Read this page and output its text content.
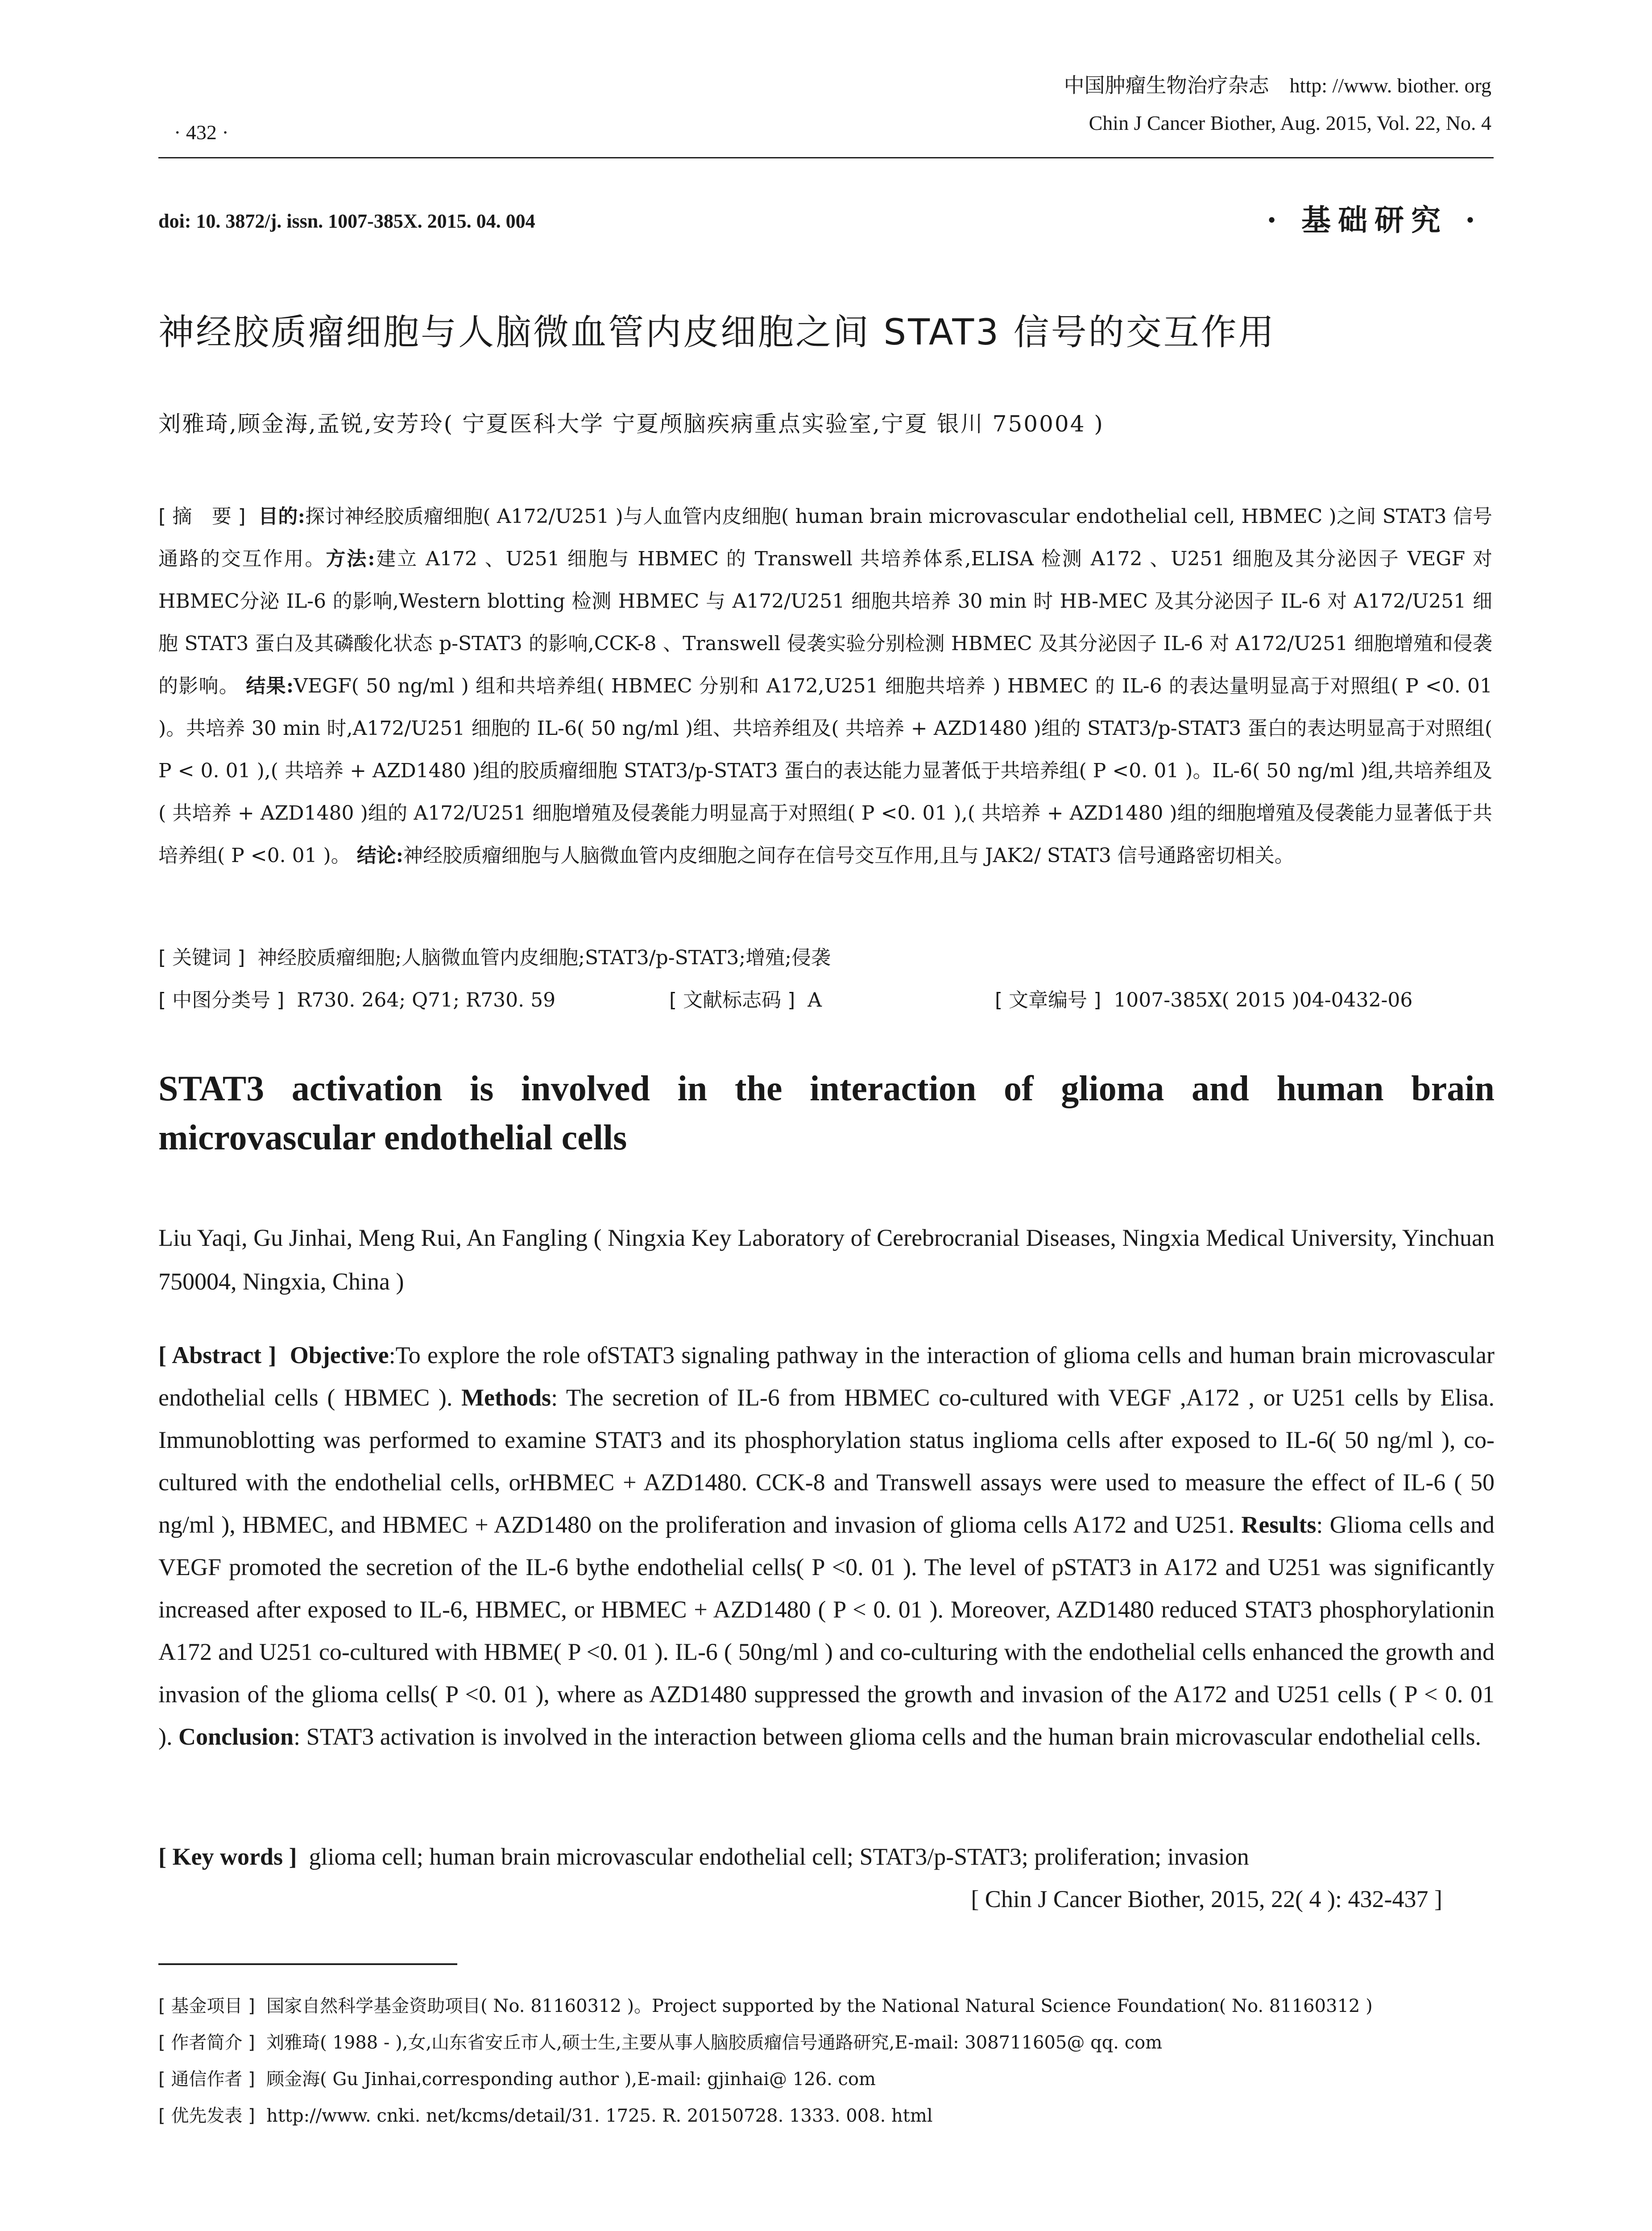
· 432 ·
中国肿瘤生物治疗杂志　http: //www. biother. org
Chin J Cancer Biother, Aug. 2015, Vol. 22, No. 4
doi: 10. 3872/j. issn. 1007-385X. 2015. 04. 004	· 基础研究 ·
神经胶质瘤细胞与人脑微血管内皮细胞之间 STAT3 信号的交互作用
刘雅琦,顾金海,孟锐,安芳玲( 宁夏医科大学 宁夏颅脑疾病重点实验室,宁夏 银川 750004 )
[ 摘　要 ] 目的:探讨神经胶质瘤细胞( A172/U251 )与人血管内皮细胞( human brain microvascular endothelial cell, HBMEC )之间 STAT3 信号通路的交互作用。方法:建立 A172 、U251 细胞与 HBMEC 的 Transwell 共培养体系,ELISA 检测 A172 、U251 细胞及其分泌因子 VEGF 对HBMEC分泌 IL-6 的影响,Western blotting 检测 HBMEC 与 A172/U251 细胞共培养 30 min 时 HB-MEC 及其分泌因子 IL-6 对 A172/U251 细胞 STAT3 蛋白及其磷酸化状态 p-STAT3 的影响,CCK-8 、Transwell 侵袭实验分别检测 HBMEC 及其分泌因子 IL-6 对 A172/U251 细胞增殖和侵袭的影响。 结果:VEGF( 50 ng/ml ) 组和共培养组( HBMEC 分别和 A172,U251 细胞共培养 ) HBMEC 的 IL-6 的表达量明显高于对照组( P <0. 01 )。共培养 30 min 时,A172/U251 细胞的 IL-6( 50 ng/ml )组、共培养组及( 共培养 + AZD1480 )组的 STAT3/p-STAT3 蛋白的表达明显高于对照组( P < 0. 01 ),( 共培养 + AZD1480 )组的胶质瘤细胞 STAT3/p-STAT3 蛋白的表达能力显著低于共培养组( P <0. 01 )。IL-6( 50 ng/ml )组,共培养组及( 共培养 + AZD1480 )组的 A172/U251 细胞增殖及侵袭能力明显高于对照组( P <0. 01 ),( 共培养 + AZD1480 )组的细胞增殖及侵袭能力显著低于共培养组( P <0. 01 )。 结论:神经胶质瘤细胞与人脑微血管内皮细胞之间存在信号交互作用,且与 JAK2/ STAT3 信号通路密切相关。
[ 关键词 ] 神经胶质瘤细胞;人脑微血管内皮细胞;STAT3/p-STAT3;增殖;侵袭
[ 中图分类号 ] R730. 264; Q71; R730. 59	[ 文献标志码 ] A	[ 文章编号 ] 1007-385X( 2015 )04-0432-06
STAT3 activation is involved in the interaction of glioma and human brain
microvascular endothelial cells
Liu Yaqi, Gu Jinhai, Meng Rui, An Fangling ( Ningxia Key Laboratory of Cerebrocranial Diseases, Ningxia Medical University, Yinchuan 750004, Ningxia, China )
[ Abstract ] Objective:To explore the role ofSTAT3 signaling pathway in the interaction of glioma cells and human brain microvascular endothelial cells ( HBMEC ). Methods: The secretion of IL-6 from HBMEC co-cultured with VEGF ,A172 , or U251 cells by Elisa. Immunoblotting was performed to examine STAT3 and its phosphorylation status inglioma cells after exposed to IL-6( 50 ng/ml ), co-cultured with the endothelial cells, orHBMEC + AZD1480. CCK-8 and Transwell assays were used to measure the effect of IL-6 ( 50 ng/ml ), HBMEC, and HBMEC + AZD1480 on the proliferation and invasion of glioma cells A172 and U251. Results: Glioma cells and VEGF promoted the secretion of the IL-6 bythe endothelial cells( P <0. 01 ). The level of pSTAT3 in A172 and U251 was significantly increased after exposed to IL-6, HBMEC, or HBMEC + AZD1480 ( P < 0. 01 ). Moreover, AZD1480 reduced STAT3 phosphorylationin A172 and U251 co-cultured with HBME( P <0. 01 ). IL-6 ( 50ng/ml ) and co-culturing with the endothelial cells enhanced the growth and invasion of the glioma cells( P <0. 01 ), where as AZD1480 suppressed the growth and invasion of the A172 and U251 cells ( P < 0. 01 ). Conclusion: STAT3 activation is involved in the interaction between glioma cells and the human brain microvascular endothelial cells.
[ Key words ] glioma cell; human brain microvascular endothelial cell; STAT3/p-STAT3; proliferation; invasion
[ Chin J Cancer Biother, 2015, 22( 4 ): 432-437 ]
[ 基金项目 ] 国家自然科学基金资助项目( No. 81160312 )。Project supported by the National Natural Science Foundation( No. 81160312 )
[ 作者简介 ] 刘雅琦( 1988 - ),女,山东省安丘市人,硕士生,主要从事人脑胶质瘤信号通路研究,E-mail: 308711605@ qq. com
[ 通信作者 ] 顾金海( Gu Jinhai,corresponding author ),E-mail: gjinhai@ 126. com
[ 优先发表 ] http://www. cnki. net/kcms/detail/31. 1725. R. 20150728. 1333. 008. html
